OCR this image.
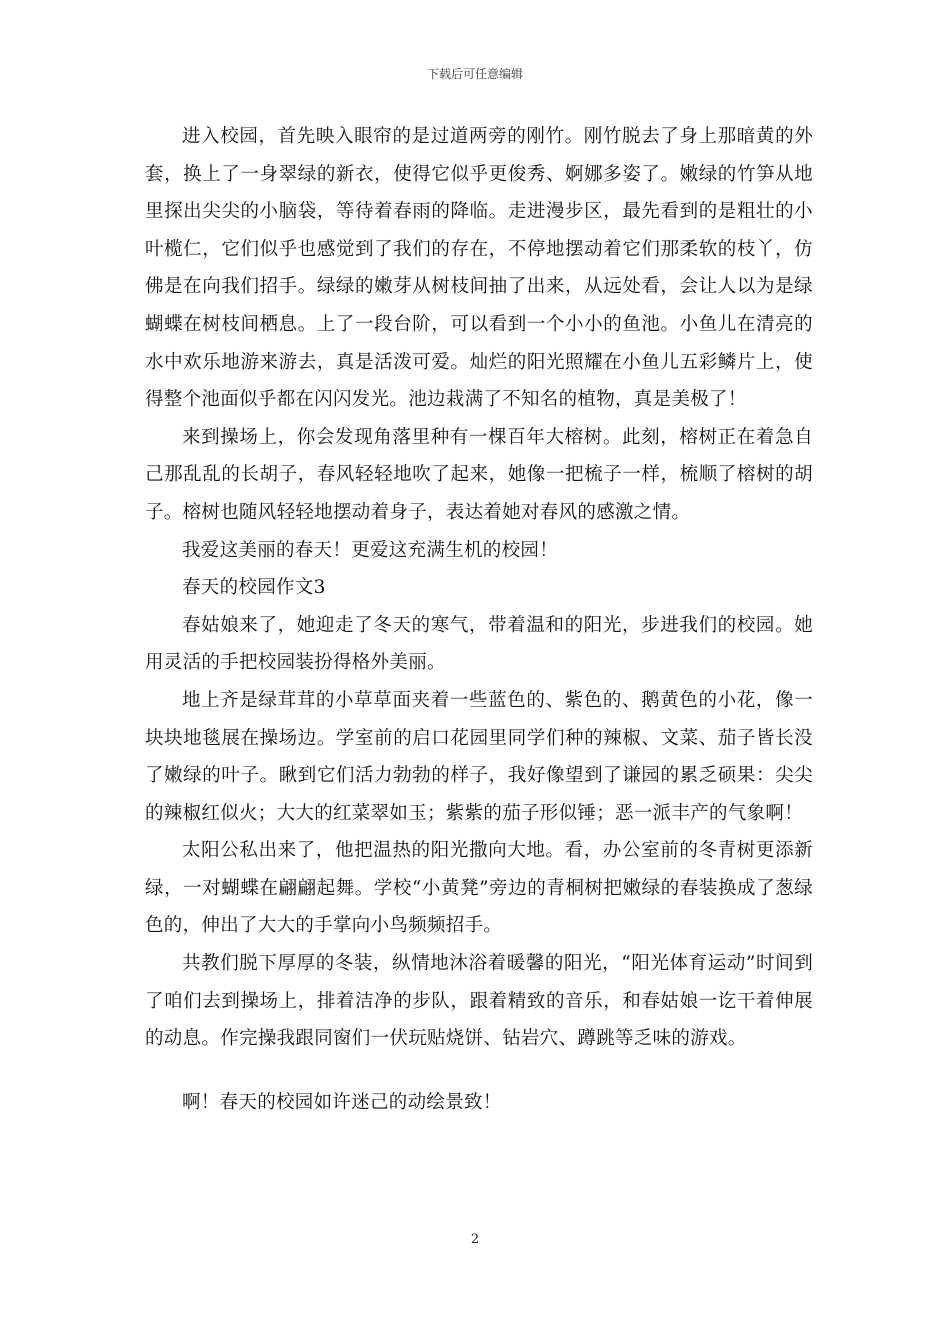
下载后可任意编辑

进入校园，首先映入眼帘的是过道两旁的刚竹。刚竹脱去了身上那暗黄的外套，换上了一身翠绿的新衣，使得它似乎更俊秀、婀娜多姿了。嫩绿的竹笋从地里探出尖尖的小脑袋，等待着春雨的降临。走进漫步区，最先看到的是粗壮的小叶榄仁，它们似乎也感觉到了我们的存在，不停地摆动着它们那柔软的枝丫，仿佛是在向我们招手。绿绿的嫩芽从树枝间抽了出来，从远处看，会让人以为是绿蝴蝶在树枝间栖息。上了一段台阶，可以看到一个小小的鱼池。小鱼儿在清亮的水中欢乐地游来游去，真是活泼可爱。灿烂的阳光照耀在小鱼儿五彩鳞片上，使得整个池面似乎都在闪闪发光。池边栽满了不知名的植物，真是美极了！

来到操场上，你会发现角落里种有一棵百年大榕树。此刻，榕树正在着急自己那乱乱的长胡子，春风轻轻地吹了起来，她像一把梳子一样，梳顺了榕树的胡子。榕树也随风轻轻地摆动着身子，表达着她对春风的感激之情。

我爱这美丽的春天！更爱这充满生机的校园！

春天的校园作文3

春姑娘来了，她迎走了冬天的寒气，带着温和的阳光，步进我们的校园。她用灵活的手把校园装扮得格外美丽。

地上齐是绿茸茸的小草草面夹着一些蓝色的、紫色的、鹅黄色的小花，像一块块地毯展在操场边。学室前的启口花园里同学们种的辣椒、文菜、茄子皆长没了嫩绿的叶子。瞅到它们活力勃勃的样子，我好像望到了谦园的累乏硕果：尖尖的辣椒红似火；大大的红菜翠如玉；紫紫的茄子形似锤；恶一派丰产的气象啊！

太阳公私出来了，他把温热的阳光撒向大地。看，办公室前的冬青树更添新绿，一对蝴蝶在翩翩起舞。学校“小黄凳”旁边的青桐树把嫩绿的春装换成了葱绿色的，伸出了大大的手掌向小鸟频频招手。

共教们脱下厚厚的冬装，纵情地沐浴着暖馨的阳光，“阳光体育运动”时间到了咱们去到操场上，排着洁净的步队，跟着精致的音乐，和春姑娘一讫干着伸展的动息。作完操我跟同窗们一伏玩贴烧饼、钻岩穴、蹲跳等乏味的游戏。

啊！春天的校园如许迷己的动绘景致！

2
